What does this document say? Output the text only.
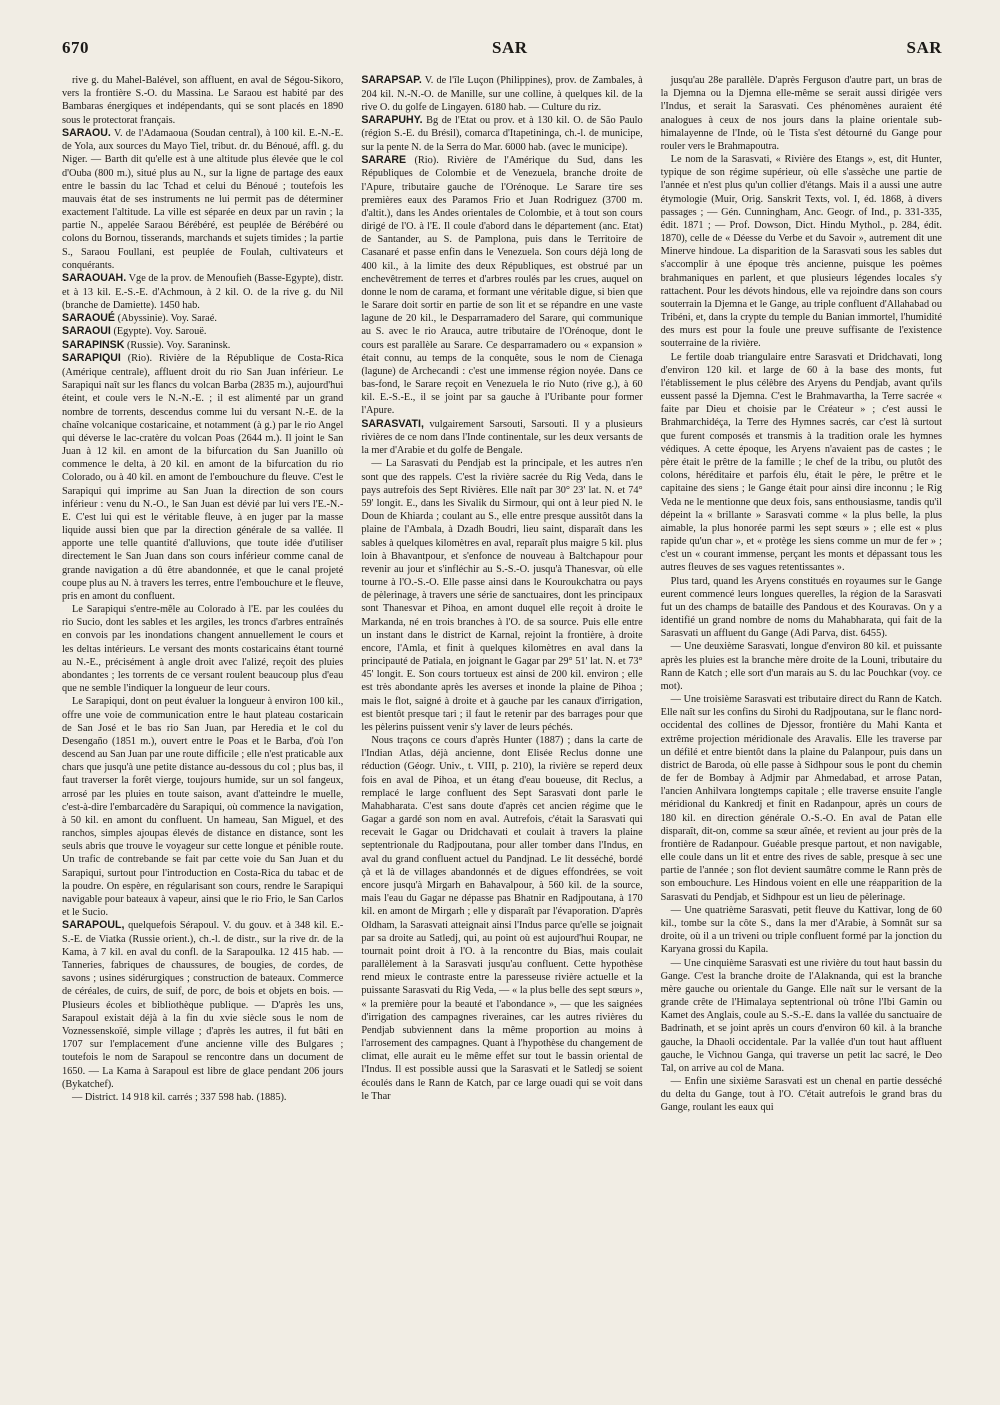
670	SAR	SAR

rive g. du Mahel-Balével, son affluent, en aval de Ségou-Sikoro, vers la frontière S.-O. du Massina. Le Saraou est habité par des Bambaras énergiques et indépendants, qui se sont placés en 1890 sous le protectorat français.

SARAOU. V. de l'Adamaoua (Soudan central), à 100 kil. E.-N.-E. de Yola, aux sources du Mayo Tiel, tribut. dr. du Bénoué, affl. g. du Niger. — Barth dit qu'elle est à une altitude plus élevée que le col d'Ouba (800 m.), situé plus au N., sur la ligne de partage des eaux entre le bassin du lac Tchad et celui du Bénoué ; toutefois les mauvais état de ses instruments ne lui permit pas de déterminer exactement l'altitude. La ville est séparée en deux par un ravin ; la partie N., appelée Saraou Bérébéré, est peuplée de Bérébéré ou colons du Bornou, tisserands, marchands et sujets timides ; la partie S., Saraou Foullani, est peuplée de Foulah, cultivateurs et conquérants.

SARAOUAH. Vge de la prov. de Menoufieh (Basse-Egypte), distr. et à 13 kil. E.-S.-E. d'Achmoun, à 2 kil. O. de la rive g. du Nil (branche de Damiette). 1450 hab.

SARAOUÉ (Abyssinie). Voy. Saraé.

SARAOUI (Egypte). Voy. Sarouë.

SARAPINSK (Russie). Voy. Saraninsk.

SARAPIQUI (Rio). Rivière de la République de Costa-Rica (Amérique centrale), affluent droit du rio San Juan inférieur. Le Sarapiqui naît sur les flancs du volcan Barba (2835 m.), aujourd'hui éteint, et coule vers le N.-N.-E. ; il est alimenté par un grand nombre de torrents, descendus comme lui du versant N.-E. de la chaîne volcanique costaricaine, et notamment (à g.) par le rio Angel qui déverse le lac-cratère du volcan Poas (2644 m.). Il joint le San Juan à 12 kil. en amont de la bifurcation du San Juanillo où commence le delta, à 20 kil. en amont de la bifurcation du rio Colorado, ou à 40 kil. en amont de l'embouchure du fleuve. C'est le Sarapiqui qui imprime au San Juan la direction de son cours inférieur : venu du N.-O., le San Juan est dévié par lui vers l'E.-N.-E. C'est lui qui est le véritable fleuve, à en juger par la masse liquide aussi bien que par la direction générale de sa vallée. Il apporte une telle quantité d'alluvions, que toute idée d'utiliser directement le San Juan dans son cours inférieur comme canal de grande navigation a dû être abandonnée, et que le canal projeté coupe plus au N. à travers les terres, entre l'embouchure et le fleuve, pris en amont du confluent.

Le Sarapiqui s'entre-mêle au Colorado à l'E. par les coulées du rio Sucio, dont les sables et les argiles, les troncs d'arbres entraînés en convois par les inondations changent annuellement le cours et les deltas intérieurs. Le versant des monts costaricains étant tourné au N.-E., précisément à angle droit avec l'alizé, reçoit des pluies abondantes ; les torrents de ce versant roulent beaucoup plus d'eau que ne semble l'indiquer la longueur de leur cours.

Le Sarapiqui, dont on peut évaluer la longueur à environ 100 kil., offre une voie de communication entre le haut plateau costaricain de San José et le bas rio San Juan, par Heredia et le col du Desengaño (1851 m.), ouvert entre le Poas et le Barba, d'où l'on descend au San Juan par une route difficile ; elle n'est praticable aux chars que jusqu'à une petite distance au-dessous du col ; plus bas, il faut traverser la forêt vierge, toujours humide, sur un sol fangeux, arrosé par les pluies en toute saison, avant d'atteindre le muelle, c'est-à-dire l'embarcadère du Sarapiqui, où commence la navigation, à 50 kil. en amont du confluent. Un hameau, San Miguel, et des ranchos, simples ajoupas élevés de distance en distance, sont les seuls abris que trouve le voyageur sur cette longue et pénible route. Un trafic de contrebande se fait par cette voie du San Juan et du Sarapiqui, surtout pour l'introduction en Costa-Rica du tabac et de la poudre. On espère, en régularisant son cours, rendre le Sarapiqui navigable pour bateaux à vapeur, ainsi que le rio Frio, le San Carlos et le Sucio.

SARAPOUL, quelquefois Sérapoul. V. du gouv. et à 348 kil. E.-S.-E. de Viatka (Russie orient.), ch.-l. de distr., sur la rive dr. de la Kama, à 7 kil. en aval du confl. de la Sarapoulka. 12 415 hab. — Tanneries, fabriques de chaussures, de bougies, de cordes, de savons ; usines sidérurgiques ; construction de bateaux. Commerce de céréales, de cuirs, de suif, de porc, de bois et objets en bois. — Plusieurs écoles et bibliothèque publique. — D'après les uns, Sarapoul existait déjà à la fin du xvie siècle sous le nom de Voznessenskoïé, simple village ; d'après les autres, il fut bâti en 1707 sur l'emplacement d'une ancienne ville des Bulgares ; toutefois le nom de Sarapoul se rencontre dans un document de 1650. — La Kama à Sarapoul est libre de glace pendant 206 jours (Bykatchef).

— District. 14 918 kil. carrés ; 337 598 hab. (1885).

SARAPSAP. V. de l'île Luçon (Philippines), prov. de Zambales, à 204 kil. N.-N.-O. de Manille, sur une colline, à quelques kil. de la rive O. du golfe de Lingayen. 6180 hab. — Culture du riz.

SARAPUHY. Bg de l'Etat ou prov. et à 130 kil. O. de São Paulo (région S.-E. du Brésil), comarca d'Itapetininga, ch.-l. de municipe, sur la pente N. de la Serra do Mar. 6000 hab. (avec le municipe).

SARARE (Rio). Rivière de l'Amérique du Sud, dans les Républiques de Colombie et de Venezuela, branche droite de l'Apure, tributaire gauche de l'Orénoque. Le Sarare tire ses premières eaux des Paramos Frio et Juan Rodriguez (3700 m. d'altit.), dans les Andes orientales de Colombie, et à tout son cours dirigé de l'O. à l'E. Il coule d'abord dans le département (anc. Etat) de Santander, au S. de Pamplona, puis dans le Territoire de Casanaré et passe enfin dans le Venezuela. Son cours déjà long de 400 kil., à la limite des deux Républiques, est obstrué par un enchevêtrement de terres et d'arbres roulés par les crues, auquel on donne le nom de carama, et formant une véritable digue, si bien que le Sarare doit sortir en partie de son lit et se répandre en une vaste lagune de 20 kil., le Desparramadero del Sarare, qui communique au S. avec le rio Arauca, autre tributaire de l'Orénoque, dont le cours est parallèle au Sarare. Ce desparramadero ou « expansion » était connu, au temps de la conquête, sous le nom de Cienaga (lagune) de Archecandi : c'est une immense région noyée. Dans ce bas-fond, le Sarare reçoit en Venezuela le rio Nuto (rive g.), à 60 kil. E.-S.-E., il se joint par sa gauche à l'Uribante pour former l'Apure.

SARASVATI, vulgairement Sarsouti, Sarsouti. Il y a plusieurs rivières de ce nom dans l'Inde continentale, sur les deux versants de la mer d'Arabie et du golfe de Bengale.

— La Sarasvati du Pendjab est la principale, et les autres n'en sont que des rappels. C'est la rivière sacrée du Rig Veda, dans le pays autrefois des Sept Rivières. Elle naît par 30° 23' lat. N. et 74° 59' longit. E., dans les Sivalik du Sirmour, qui ont à leur pied N. le Doun de Khiarda ; coulant au S., elle entre presque aussitôt dans la plaine de l'Ambala, à Dzadh Boudri, lieu saint, disparaît dans les sables à quelques kilomètres en aval, reparaît plus maigre 5 kil. plus loin à Bhavantpour, et s'enfonce de nouveau à Baltchapour pour revenir au jour et s'infléchir au S.-S.-O. jusqu'à Thanesvar, où elle tourne à l'O.-S.-O. Elle passe ainsi dans le Kouroukchatra ou pays de pèlerinage, à travers une série de sanctuaires, dont les principaux sont Thanesvar et Pihoa, en amont duquel elle reçoit à droite le Markanda, né en trois branches à l'O. de sa source. Puis elle entre un instant dans le district de Karnal, rejoint la frontière, à droite encore, l'Amla, et finit à quelques kilomètres en aval dans la principauté de Patiala, en joignant le Gagar par 29° 51' lat. N. et 73° 45' longit. E. Son cours tortueux est ainsi de 200 kil. environ ; elle est très abondante après les averses et inonde la plaine de Pihoa ; mais le flot, saigné à droite et à gauche par les canaux d'irrigation, est bientôt presque tari ; il faut le retenir par des barrages pour que les pèlerins puissent venir s'y laver de leurs péchés.

Nous traçons ce cours d'après Hunter (1887) ; dans la carte de l'Indian Atlas, déjà ancienne, dont Elisée Reclus donne une réduction (Géogr. Univ., t. VIII, p. 210), la rivière se reperd deux fois en aval de Pihoa, et un étang d'eau boueuse, dit Reclus, a remplacé le large confluent des Sept Sarasvati dont parle le Mahabharata. C'est sans doute d'après cet ancien régime que le Gagar a gardé son nom en aval. Autrefois, c'était la Sarasvati qui recevait le Gagar ou Dridchavati et coulait à travers la plaine septentrionale du Radjpoutana, pour aller tomber dans l'Indus, en aval du grand confluent actuel du Pandjnad. Le lit desséché, bordé çà et là de villages abandonnés et de digues effondrées, se voit encore jusqu'à Mirgarh en Bahavalpour, à 560 kil. de la source, mais l'eau du Gagar ne dépasse pas Bhatnir en Radjpoutana, à 170 kil. en amont de Mirgarh ; elle y disparaît par l'évaporation. D'après Oldham, la Sarasvati atteignait ainsi l'Indus parce qu'elle se joignait par sa droite au Satledj, qui, au point où est aujourd'hui Roupar, ne tournait point droit à l'O. à la rencontre du Bias, mais coulait parallèlement à la Sarasvati jusqu'au confluent. Cette hypothèse rend mieux le contraste entre la paresseuse rivière actuelle et la puissante Sarasvati du Rig Veda, — « la plus belle des sept sœurs », « la première pour la beauté et l'abondance », — que les saignées d'irrigation des campagnes riveraines, car les autres rivières du Pendjab subviennent dans la même proportion au moins à l'arrosement des campagnes. Quant à l'hypothèse du changement de climat, elle aurait eu le même effet sur tout le bassin oriental de l'Indus. Il est possible aussi que la Sarasvati et le Satledj se soient écoulés dans le Rann de Katch, par ce large ouadi qui se voit dans le Thar

jusqu'au 28e parallèle. D'après Ferguson d'autre part, un bras de la Djemna ou la Djemna elle-même se serait aussi dirigée vers l'Indus, et serait la Sarasvati. Ces phénomènes auraient été analogues à ceux de nos jours dans la plaine orientale sub-himalayenne de l'Inde, où le Tista s'est détourné du Gange pour rouler vers le Brahmapoutra.

Le nom de la Sarasvati, « Rivière des Etangs », est, dit Hunter, typique de son régime supérieur, où elle s'assèche une partie de l'année et n'est plus qu'un collier d'étangs. Mais il a aussi une autre étymologie (Muir, Orig. Sanskrit Texts, vol. I, éd. 1868, à divers passages ; — Gén. Cunningham, Anc. Geogr. of Ind., p. 331-335, édit. 1871 ; — Prof. Dowson, Dict. Hindu Mythol., p. 284, édit. 1870), celle de « Déesse du Verbe et du Savoir », autrement dit une Minerve hindoue. La disparition de la Sarasvati sous les sables dut s'accomplir à une époque très ancienne, puisque les poèmes brahmaniques en parlent, et que plusieurs légendes locales s'y rattachent. Pour les dévots hindous, elle va rejoindre dans son cours souterrain la Djemna et le Gange, au triple confluent d'Allahabad ou Tribéni, et, dans la crypte du temple du Banian immortel, l'humidité des murs est pour la foule une preuve suffisante de l'existence souterraine de la rivière.

Le fertile doab triangulaire entre Sarasvati et Dridchavati, long d'environ 120 kil. et large de 60 à la base des monts, fut l'établissement le plus célèbre des Aryens du Pendjab, avant qu'ils eussent passé la Djemna. C'est le Brahmavartha, la Terre sacrée « faite par Dieu et choisie par le Créateur » ; c'est aussi le Brahmarchidéça, la Terre des Hymnes sacrés, car c'est là surtout que furent composés et transmis à la tradition orale les hymnes védiques. A cette époque, les Aryens n'avaient pas de castes ; le père était le prêtre de la famille ; le chef de la tribu, ou plutôt des colons, héréditaire et parfois élu, était le père, le prêtre et le capitaine des siens ; le Gange était pour ainsi dire inconnu ; le Rig Veda ne le mentionne que deux fois, sans enthousiasme, tandis qu'il dépeint la « brillante » Sarasvati comme « la plus belle, la plus aimable, la plus honorée parmi les sept sœurs » ; elle est « plus rapide qu'un char », et « protège les siens comme un mur de fer » ; c'est un « courant immense, perçant les monts et dépassant tous les autres fleuves de ses vagues retentissantes ».

Plus tard, quand les Aryens constitués en royaumes sur le Gange eurent commencé leurs longues querelles, la région de la Sarasvati fut un des champs de bataille des Pandous et des Kouravas. On y a identifié un grand nombre de noms du Mahabharata, qui fait de la Sarasvati un affluent du Gange (Adi Parva, dist. 6455).

— Une deuxième Sarasvati, longue d'environ 80 kil. et puissante après les pluies est la branche mère droite de la Louni, tributaire du Rann de Katch ; elle sort d'un marais au S. du lac Pouchkar (voy. ce mot).

— Une troisième Sarasvati est tributaire direct du Rann de Katch. Elle naît sur les confins du Sirohi du Radjpoutana, sur le flanc nord-occidental des collines de Djessor, frontière du Mahi Kanta et extrême projection méridionale des Aravalis. Elle les traverse par un défilé et entre bientôt dans la plaine du Palanpour, puis dans un district de Baroda, où elle passe à Sidhpour sous le pont du chemin de fer de Bombay à Adjmir par Ahmedabad, et arrose Patan, l'ancien Anhilvara longtemps capitale ; elle traverse ensuite l'angle méridional du Kankredj et finit en Radanpour, après un cours de 180 kil. en direction générale O.-S.-O. En aval de Patan elle disparaît, dit-on, comme sa sœur aînée, et revient au jour près de la frontière de Radanpour. Guéable presque partout, et non navigable, elle coule dans un lit et entre des rives de sable, presque à sec une partie de l'année ; son flot devient saumâtre comme le Rann près de son embouchure. Les Hindous voient en elle une réapparition de la Sarasvati du Pendjab, et Sidhpour est un lieu de pèlerinage.

— Une quatrième Sarasvati, petit fleuve du Kattivar, long de 60 kil., tombe sur la côte S., dans la mer d'Arabie, à Somnât sur sa droite, où il a un triveni ou triple confluent formé par la jonction du Karyana grossi du Kapila.

— Une cinquième Sarasvati est une rivière du tout haut bassin du Gange. C'est la branche droite de l'Alaknanda, qui est la branche mère gauche ou orientale du Gange. Elle naît sur le versant de la grande crête de l'Himalaya septentrional où trône l'Ibi Gamin ou Kamet des Anglais, coule au S.-S.-E. dans la vallée du sanctuaire de Badrinath, et se joint après un cours d'environ 60 kil. à la branche gauche, la Dhaoli occidentale. Par la vallée d'un tout haut affluent gauche, le Vichnou Ganga, qui traverse un petit lac sacré, le Deo Tal, on arrive au col de Mana.

— Enfin une sixième Sarasvati est un chenal en partie desséché du delta du Gange, tout à l'O. C'était autrefois le grand bras du Gange, roulant les eaux qui
